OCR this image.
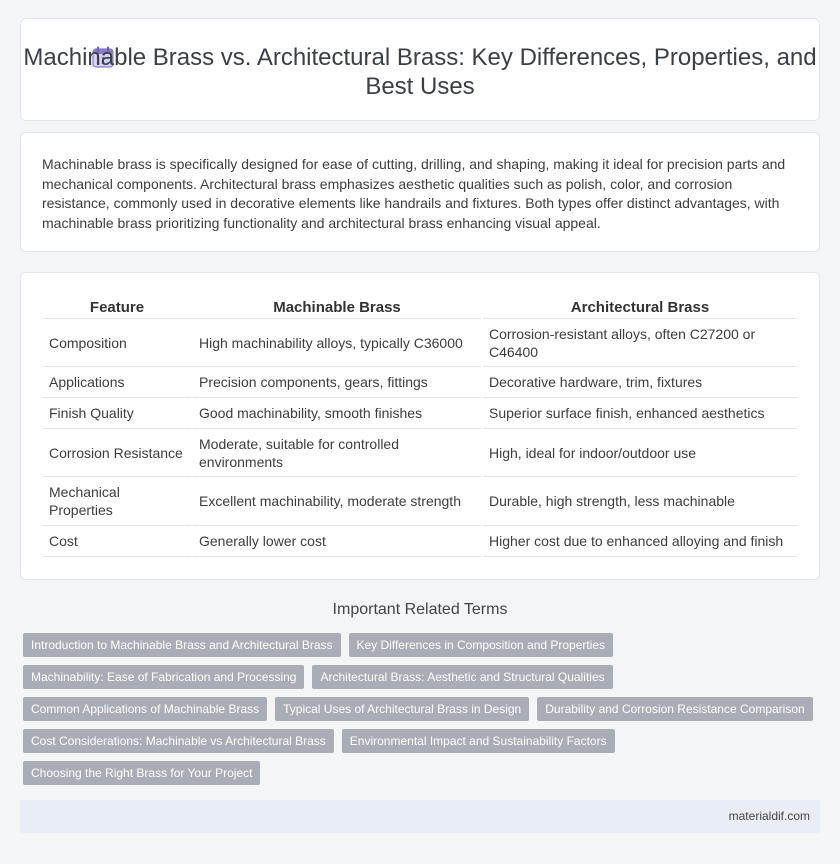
Machinable Brass vs. Architectural Brass: Key Differences, Properties, and Best Uses

Machinable brass is specifically designed for ease of cutting, drilling, and shaping, making it ideal for precision parts and mechanical components. Architectural brass emphasizes aesthetic qualities such as polish, color, and corrosion resistance, commonly used in decorative elements like handrails and fixtures. Both types offer distinct advantages, with machinable brass prioritizing functionality and architectural brass enhancing visual appeal.

Feature	Machinable Brass	Architectural Brass
Composition	High machinability alloys, typically C36000	Corrosion-resistant alloys, often C27200 or C46400
Applications	Precision components, gears, fittings	Decorative hardware, trim, fixtures
Finish Quality	Good machinability, smooth finishes	Superior surface finish, enhanced aesthetics
Corrosion Resistance	Moderate, suitable for controlled environments	High, ideal for indoor/outdoor use
Mechanical Properties	Excellent machinability, moderate strength	Durable, high strength, less machinable
Cost	Generally lower cost	Higher cost due to enhanced alloying and finish
Important Related Terms
Introduction to Machinable Brass and Architectural Brass	Key Differences in Composition and Properties
Machinability: Ease of Fabrication and Processing	Architectural Brass: Aesthetic and Structural Qualities
Common Applications of Machinable Brass	Typical Uses of Architectural Brass in Design	Durability and Corrosion Resistance Comparison
Cost Considerations: Machinable vs Architectural Brass	Environmental Impact and Sustainability Factors
Choosing the Right Brass for Your Project
materialdif.com
